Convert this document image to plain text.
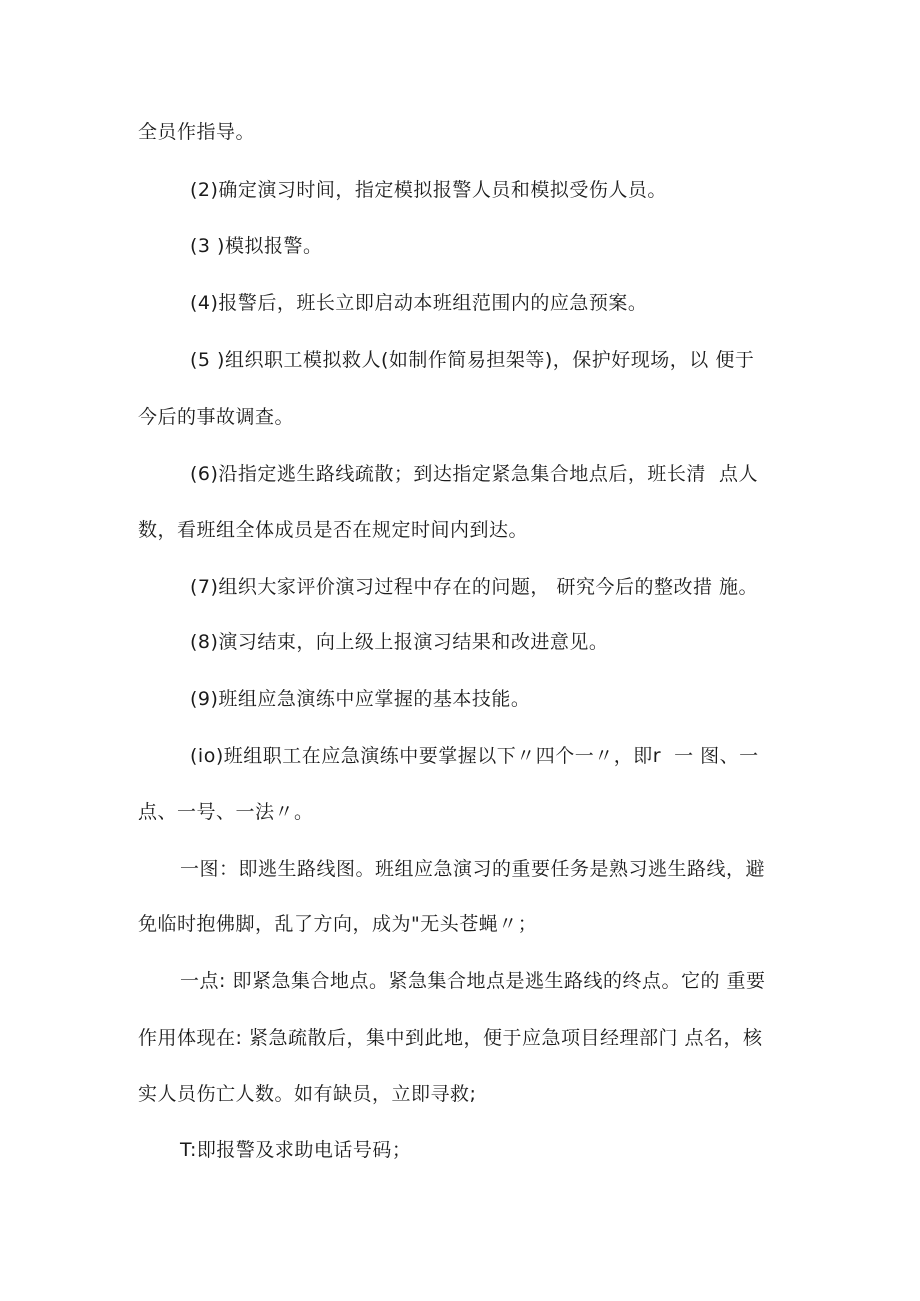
全员作指导。
(2)确定演习时间，指定模拟报警人员和模拟受伤人员。
(3 )模拟报警。
(4)报警后，班长立即启动本班组范围内的应急预案。
(5 )组织职工模拟救人(如制作简易担架等)，保护好现场，以 便于
今后的事故调查。
(6)沿指定逃生路线疏散；到达指定紧急集合地点后，班长清  点人
数，看班组全体成员是否在规定时间内到达。
(7)组织大家评价演习过程中存在的问题， 研究今后的整改措 施。
(8)演习结束，向上级上报演习结果和改进意见。
(9)班组应急演练中应掌握的基本技能。
(io)班组职工在应急演练中要掌握以下〃四个一〃，即r  一 图、一
点、一号、一法〃。
一图：即逃生路线图。班组应急演习的重要任务是熟习逃生路线，避
免临时抱佛脚，乱了方向，成为"无头苍蝇〃；
一点: 即紧急集合地点。紧急集合地点是逃生路线的终点。它的 重要
作用体现在: 紧急疏散后，集中到此地，便于应急项目经理部门 点名，核
实人员伤亡人数。如有缺员，立即寻救;
T:即报警及求助电话号码；
